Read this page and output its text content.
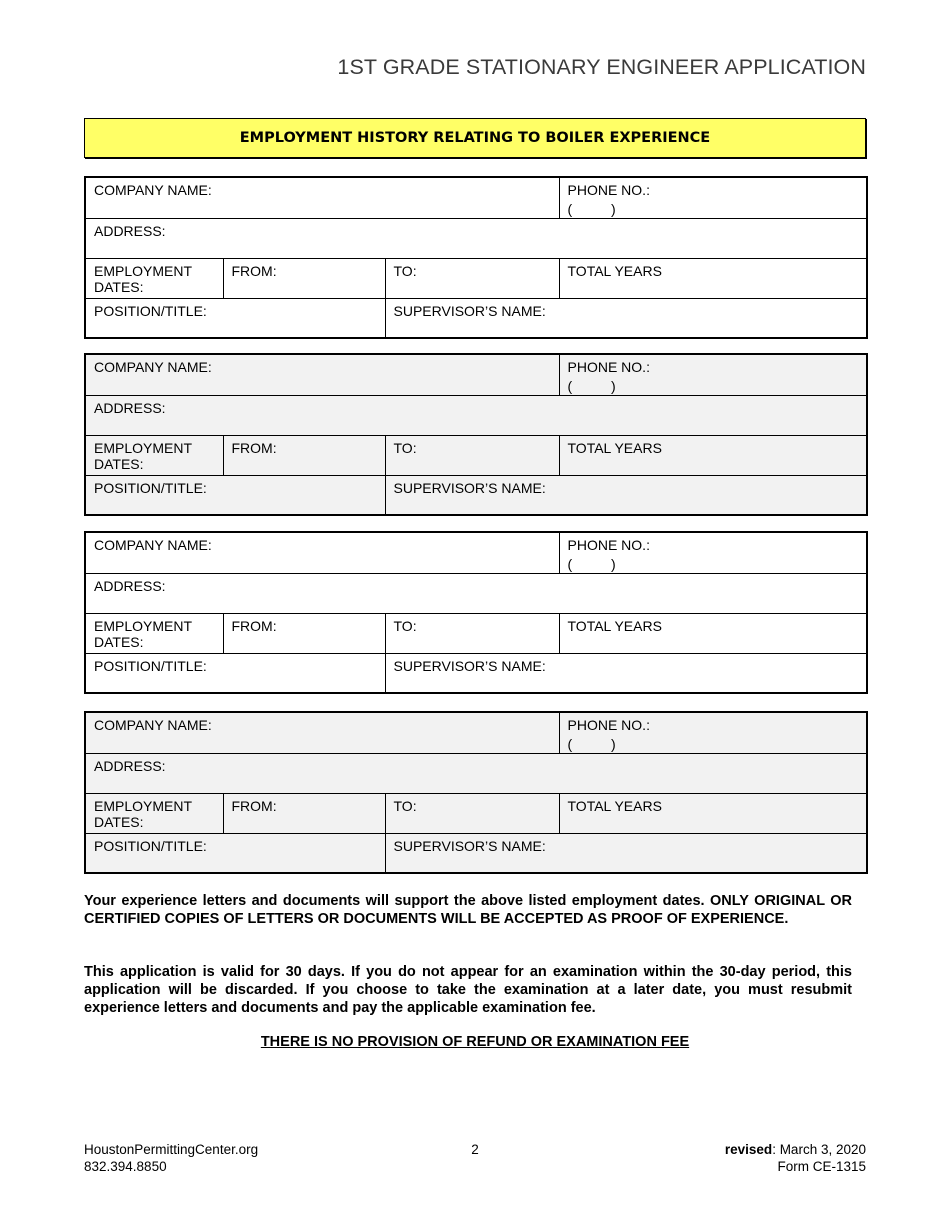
1ST GRADE STATIONARY ENGINEER APPLICATION
EMPLOYMENT HISTORY RELATING TO BOILER EXPERIENCE
COMPANY NAME:			PHONE NO.:
(          )

ADDRESS:			
EMPLOYMENT
DATES:	FROM:	TO:	TOTAL YEARS
POSITION/TITLE:		SUPERVISOR’S NAME:	
COMPANY NAME:			PHONE NO.:
(          )

ADDRESS:			
EMPLOYMENT
DATES:	FROM:	TO:	TOTAL YEARS
POSITION/TITLE:		SUPERVISOR’S NAME:	
COMPANY NAME:			PHONE NO.:
(          )

ADDRESS:			
EMPLOYMENT
DATES:	FROM:	TO:	TOTAL YEARS
POSITION/TITLE:		SUPERVISOR’S NAME:	
COMPANY NAME:			PHONE NO.:
(          )

ADDRESS:			
EMPLOYMENT
DATES:	FROM:	TO:	TOTAL YEARS
POSITION/TITLE:		SUPERVISOR’S NAME:	
Your experience letters and documents will support the above listed employment dates. ONLY ORIGINAL OR CERTIFIED COPIES OF LETTERS OR DOCUMENTS WILL BE ACCEPTED AS PROOF OF EXPERIENCE.
This application is valid for 30 days. If you do not appear for an examination within the 30-day period, this application will be discarded. If you choose to take the examination at a later date, you must resubmit experience letters and documents and pay the applicable examination fee.
THERE IS NO PROVISION OF REFUND OR EXAMINATION FEE
HoustonPermittingCenter.org
832.394.8850
2	revised: March 3, 2020
Form CE-1315
